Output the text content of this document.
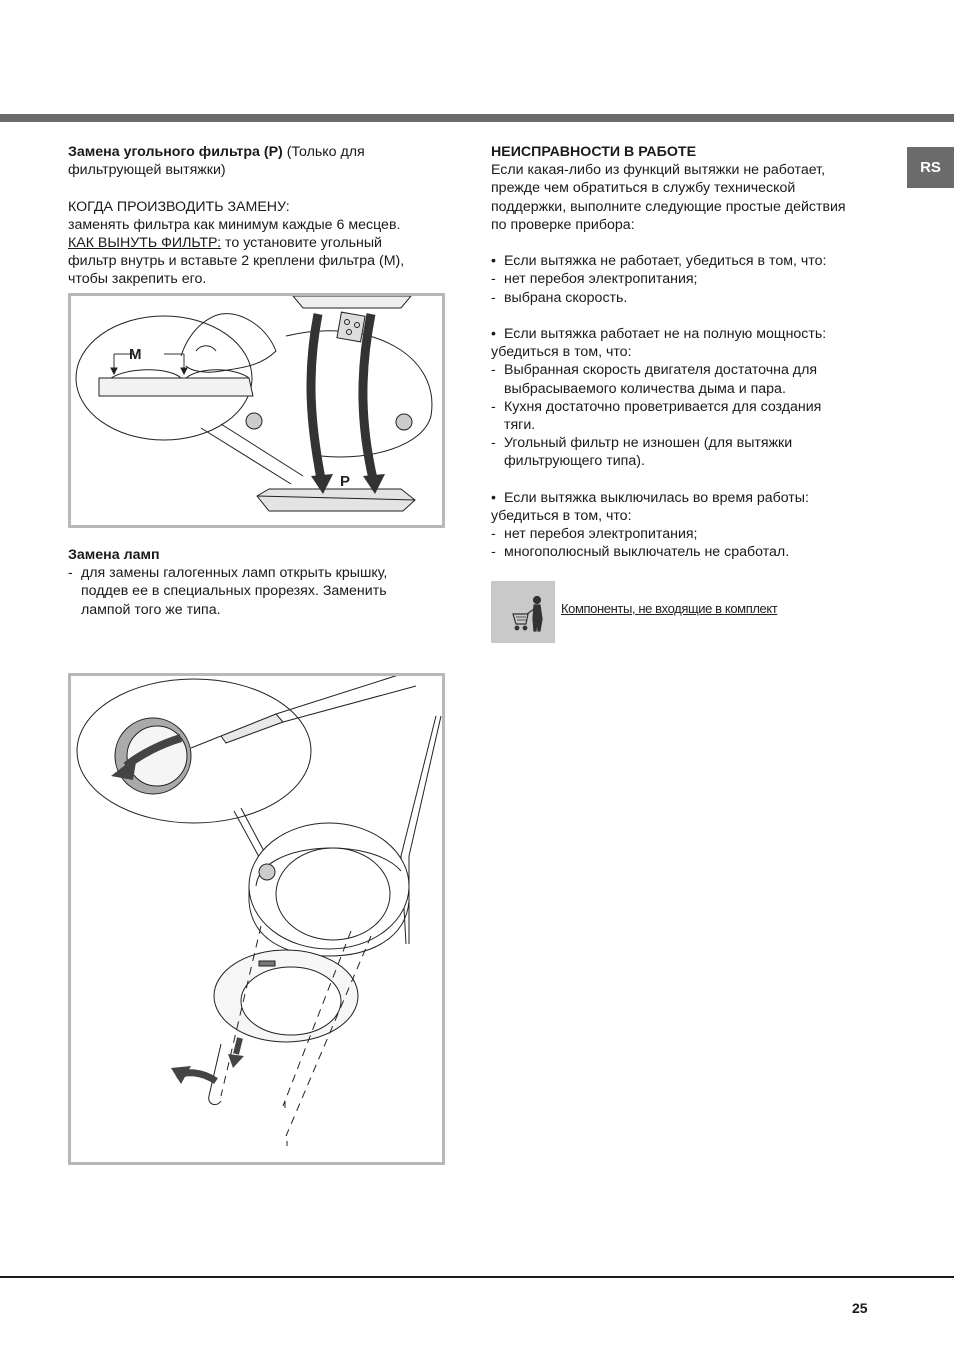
RS

Замена угольного фильтра (Р) (Только для

фильтрующей вытяжки)

КОГДА ПРОИЗВОДИТЬ ЗАМЕНУ:

заменять фильтра как минимум каждые 6 месцев.

КАК ВЫНУТЬ ФИЛЬТР: то установите угольный

фильтр внутрь и вставьте 2 креплени фильтра (М),

чтобы закрепить его.

M
P

Замена ламп

- для замены галогенных ламп открыть крышку,
поддев ее в специальных прорезях. Заменить
лампой того же типа.

НЕИСПРАВНОСТИ В РАБОТЕ

Если какая-либо из функций вытяжки не работает,

прежде чем обратиться в службу технической

поддержки, выполните следующие простые действия

по проверке прибора:

• Если вытяжка не работает, убедиться в том, что:
- нет перебоя электропитания;
- выбрана скорость.
• Если вытяжка работает не на полную мощность:

убедиться в том, что:

- Выбранная скорость двигателя достаточна для
выбрасываемого количества дыма и пара.
- Кухня достаточно проветривается для создания
тяги.
- Угольный фильтр не изношен (для вытяжки
фильтрующего типа).
• Если вытяжка выключилась во время работы:

убедиться в том, что:

- нет перебоя электропитания;
- многополюсный выключатель не сработал.
Компоненты, не входящие в комплект
25
